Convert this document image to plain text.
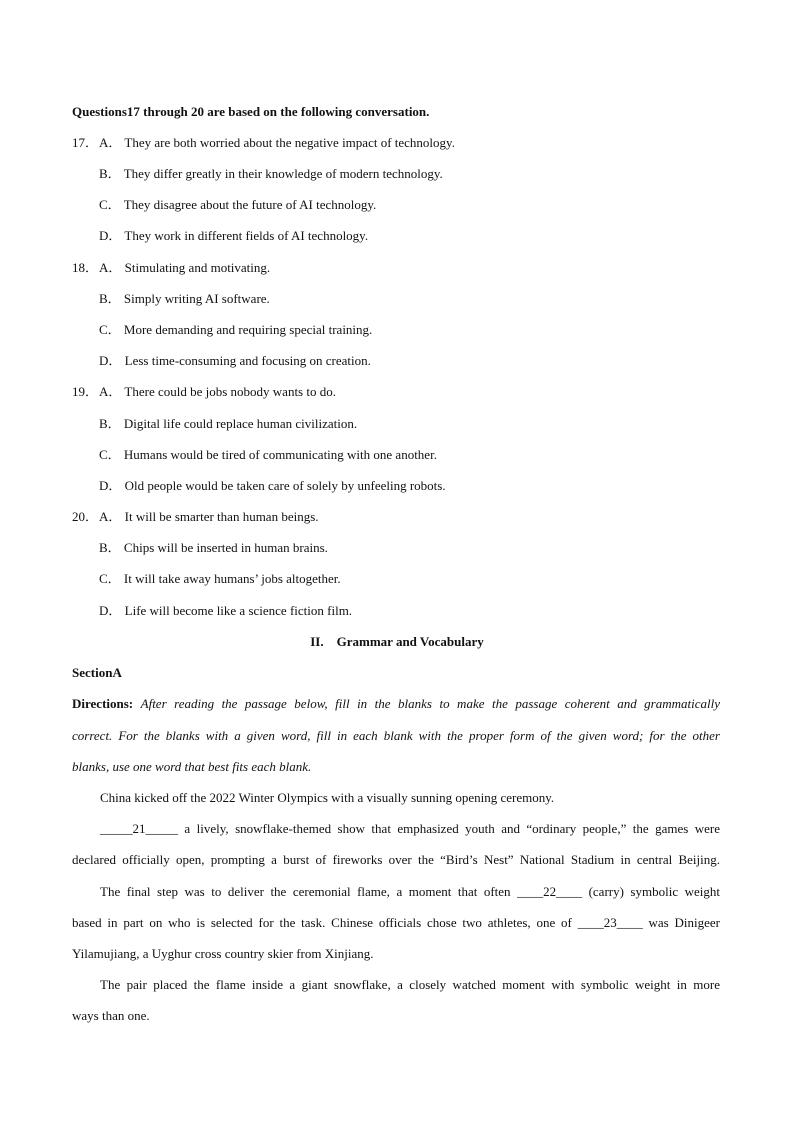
Questions17 through 20 are based on the following conversation.
17． A． They are both worried about the negative impact of technology.
B． They differ greatly in their knowledge of modern technology.
C． They disagree about the future of AI technology.
D． They work in different fields of AI technology.
18． A． Stimulating and motivating.
B． Simply writing AI software.
C． More demanding and requiring special training.
D． Less time-consuming and focusing on creation.
19． A． There could be jobs nobody wants to do.
B． Digital life could replace human civilization.
C． Humans would be tired of communicating with one another.
D． Old people would be taken care of solely by unfeeling robots.
20． A． It will be smarter than human beings.
B． Chips will be inserted in human brains.
C． It will take away humans’ jobs altogether.
D． Life will become like a science fiction film.
II.    Grammar and Vocabulary
SectionA
Directions: After reading the passage below, fill in the blanks to make the passage coherent and grammatically
correct. For the blanks with a given word, fill in each blank with the proper form of the given word; for the other
blanks, use one word that best fits each blank.
China kicked off the 2022 Winter Olympics with a visually sunning opening ceremony.
_____21_____ a lively, snowflake-themed show that emphasized youth and “ordinary people,” the games were
declared officially open, prompting a burst of fireworks over the “Bird’s Nest” National Stadium in central Beijing.
The final step was to deliver the ceremonial flame, a moment that often ____22____ (carry) symbolic weight
based in part on who is selected for the task. Chinese officials chose two athletes, one of ____23____ was Dinigeer
Yilamujiang, a Uyghur cross country skier from Xinjiang.
The pair placed the flame inside a giant snowflake, a closely watched moment with symbolic weight in more
ways than one.
